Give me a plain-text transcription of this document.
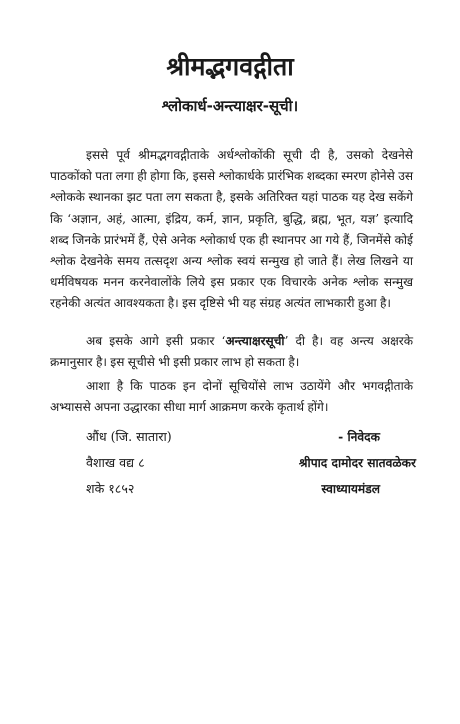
श्रीमद्भगवद्गीता
श्लोकार्ध-अन्त्याक्षर-सूची।

इससे पूर्व श्रीमद्भगवद्गीताके अर्धश्लोकोंकी सूची दी है, उसको देखनेसे पाठकोंको पता लगा ही होगा कि, इससे श्लोकार्धके प्रारंभिक शब्दका स्मरण होनेसे उस श्लोकके स्थानका झट पता लग सकता है, इसके अतिरिक्त यहां पाठक यह देख सकेंगे कि ‘अज्ञान, अहं, आत्मा, इंद्रिय, कर्म, ज्ञान, प्रकृति, बुद्धि, ब्रह्म, भूत, यज्ञ’ इत्यादि शब्द जिनके प्रारंभमें हैं, ऐसे अनेक श्लोकार्ध एक ही स्थानपर आ गये हैं, जिनमेंसे कोई श्लोक देखनेके समय तत्सदृश अन्य श्लोक स्वयं सन्मुख हो जाते हैं। लेख लिखने या धर्मविषयक मनन करनेवालोंके लिये इस प्रकार एक विचारके अनेक श्लोक सन्मुख रहनेकी अत्यंत आवश्यकता है। इस दृष्टिसे भी यह संग्रह अत्यंत लाभकारी हुआ है।

अब इसके आगे इसी प्रकार ‘अन्त्याक्षरसूची’ दी है। वह अन्त्य अक्षरके क्रमानुसार है। इस सूचीसे भी इसी प्रकार लाभ हो सकता है।

आशा है कि पाठक इन दोनों सूचियोंसे लाभ उठायेंगे और भगवद्गीताके अभ्याससे अपना उद्धारका सीधा मार्ग आक्रमण करके कृतार्थ होंगे।

औंध (जि. सातारा)	- निवेदक
वैशाख वद्य ८	श्रीपाद दामोदर सातवळेकर
शके १८५२	स्वाध्यायमंडल
